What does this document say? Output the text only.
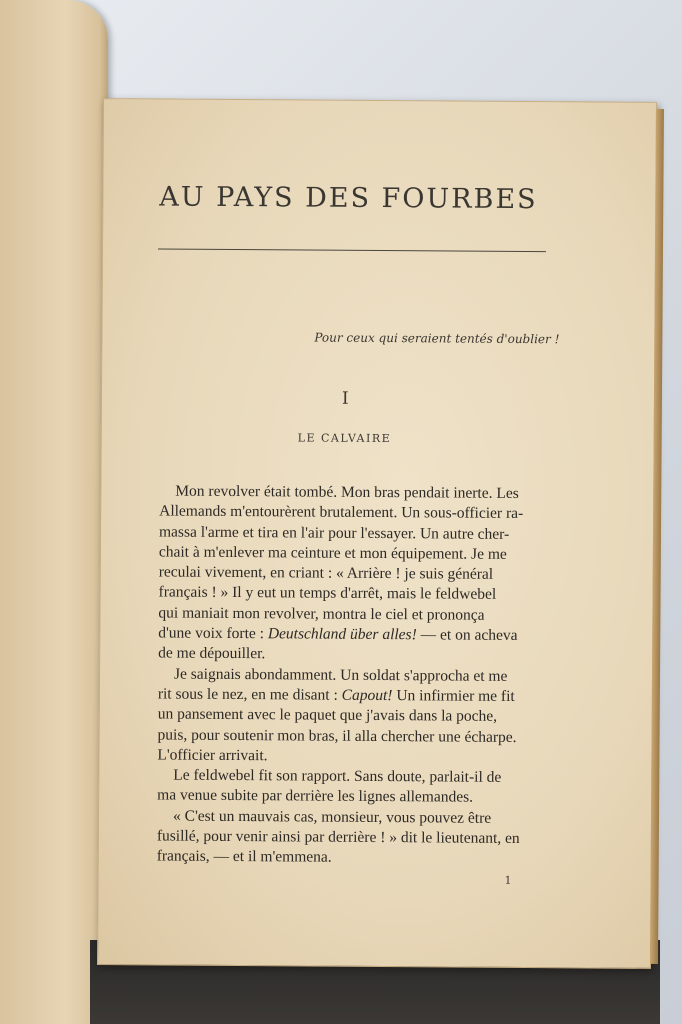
AU PAYS DES FOURBES
Pour ceux qui seraient tentés d'oublier !
I
LE CALVAIRE
Mon revolver était tombé. Mon bras pendait inerte. Les
Allemands m'entourèrent brutalement. Un sous-officier ra-
massa l'arme et tira en l'air pour l'essayer. Un autre cher-
chait à m'enlever ma ceinture et mon équipement. Je me
reculai vivement, en criant : « Arrière ! je suis général
français ! » Il y eut un temps d'arrêt, mais le feldwebel
qui maniait mon revolver, montra le ciel et prononça
d'une voix forte : Deutschland über alles! — et on acheva
de me dépouiller.
Je saignais abondamment. Un soldat s'approcha et me
rit sous le nez, en me disant : Capout! Un infirmier me fit
un pansement avec le paquet que j'avais dans la poche,
puis, pour soutenir mon bras, il alla chercher une écharpe.
L'officier arrivait.
Le feldwebel fit son rapport. Sans doute, parlait-il de
ma venue subite par derrière les lignes allemandes.
« C'est un mauvais cas, monsieur, vous pouvez être
fusillé, pour venir ainsi par derrière ! » dit le lieutenant, en
français, — et il m'emmena.
1
